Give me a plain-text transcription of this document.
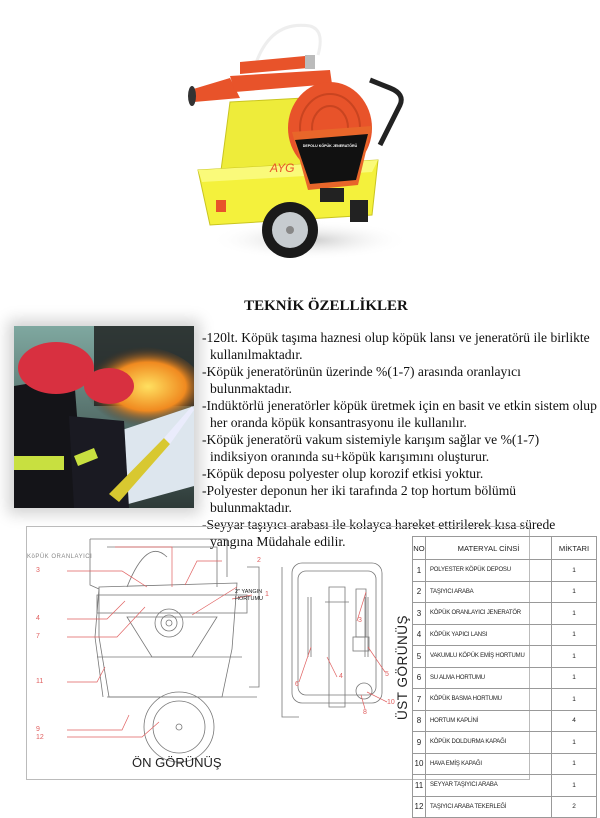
DEPOLU KÖPÜK JENERATÖRÜ
AYG
TEKNİK ÖZELLİKLER
-120lt. Köpük taşıma haznesi olup köpük lansı ve jeneratörü ile birlikte kullanılmaktadır.
-Köpük jeneratörünün üzerinde %(1-7) arasında oranlayıcı bulunmaktadır.
-Indüktörlü jeneratörler köpük üretmek için en basit ve etkin sistem olup her oranda köpük konsantrasyonu ile kullanılır.
-Köpük jeneratörü vakum sistemiyle karışım sağlar ve %(1-7) indiksiyon oranında su+köpük karışımını oluşturur.
-Köpük deposu polyester olup korozif etkisi yoktur.
-Polyester deponun her iki tarafında 2 top hortum bölümü bulunmaktadır.
-Seyyar taşıyıcı arabası ile kolayca hareket ettirilerek kısa sürede yangına Müdahale edilir.
KöPÜK ORANLAYICI
2" YANGIN
HORTUMU
3
4
7
11
9
12
2
1
3
6
4	5
10
8
ÖN GÖRÜNÜŞ
ÜST GÖRÜNÜŞ
NO	MATERYAL CİNSİ	MİKTARI
1	POLYESTER KÖPÜK DEPOSU	1
2	TAŞIYICI ARABA	1
3	KÖPÜK ORANLAYICI JENERATÖR	1
4	KÖPÜK YAPICI LANSI	1
5	VAKUMLU KÖPÜK EMİŞ HORTUMU	1
6	SU ALMA HORTUMU	1
7	KÖPÜK BASMA HORTUMU	1
8	HORTUM KAPLİNİ	4
9	KÖPÜK DOLDURMA KAPAĞI	1
10	HAVA EMİŞ KAPAĞI	1
11	SEYYAR TAŞIYICI ARABA	1
12	TAŞIYICI ARABA TEKERLEĞİ	2
